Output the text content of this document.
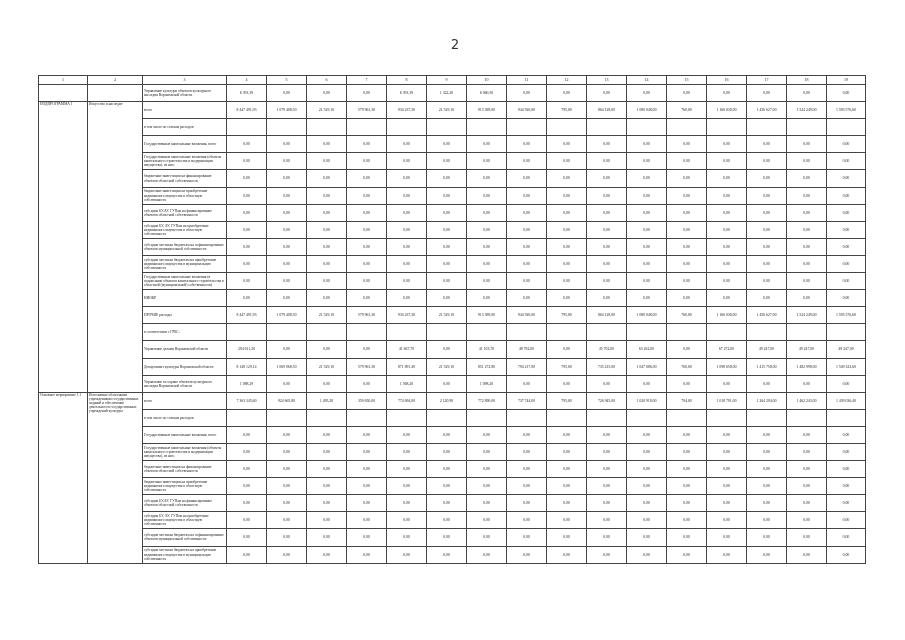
2
1	2	3	4	5	6	7	8	9	10	11	12	13	14	15	16	17	18	19
		Управление культуры объектов культурного наследия Воронежской области	6 391,39	0,00	0,00	0,00	6 391,39	1 322,20	6 060,50	0,00	0,00	0,00	0,00	0,00	0,00	0,00	0,00	0,00
ПОДПРОГРАММА 1	Искусство и наследие	всего	8 447 491,93	1 079 408,50	21 529,10	579 961,30	934 237,30	21 529,10	913 389,00	944 920,00	795,00	864 128,00	1 080 048,00	760,00	1 166 030,00	1 456 627,00	1 524 249,00	1 593 576,60
		в том числе по статьям расходов																
		Государственные капитальные вложения, всего	0,00	0,00	0,00	0,00	0,00	0,00	0,00	0,00	0,00	0,00	0,00	0,00	0,00	0,00	0,00	0,00
		Государственные капитальные вложения (объекты капитального строительства и модернизации имущества), из них:	0,00	0,00	0,00	0,00	0,00	0,00	0,00	0,00	0,00	0,00	0,00	0,00	0,00	0,00	0,00	0,00
		бюджетные инвестиции на финансирование объектов областной собственности	0,00	0,00	0,00	0,00	0,00	0,00	0,00	0,00	0,00	0,00	0,00	0,00	0,00	0,00	0,00	0,00
		бюджетные инвестиции на приобретение недвижимого имущества в областную собственность	0,00	0,00	0,00	0,00	0,00	0,00	0,00	0,00	0,00	0,00	0,00	0,00	0,00	0,00	0,00	0,00
		субсидии БУ,АУ, ГУПам на финансирование объектов областной собственности	0,00	0,00	0,00	0,00	0,00	0,00	0,00	0,00	0,00	0,00	0,00	0,00	0,00	0,00	0,00	0,00
		субсидии БУ, АУ, ГУПам на приобретение недвижимого имущества в областную собственность	0,00	0,00	0,00	0,00	0,00	0,00	0,00	0,00	0,00	0,00	0,00	0,00	0,00	0,00	0,00	0,00
		субсидии местным бюджетам на софинансирование объектов муниципальной собственности	0,00	0,00	0,00	0,00	0,00	0,00	0,00	0,00	0,00	0,00	0,00	0,00	0,00	0,00	0,00	0,00
		субсидии местным бюджетам на приобретение недвижимого имущества в муниципальную собственность	0,00	0,00	0,00	0,00	0,00	0,00	0,00	0,00	0,00	0,00	0,00	0,00	0,00	0,00	0,00	0,00
		Государственные капитальные вложения (в подписании объектов капитального строительства в областной (муниципальной) собственности)	0,00	0,00	0,00	0,00	0,00	0,00	0,00	0,00	0,00	0,00	0,00	0,00	0,00	0,00	0,00	0,00
		НИОКР	0,00	0,00	0,00	0,00	0,00	0,00	0,00	0,00	0,00	0,00	0,00	0,00	0,00	0,00	0,00	0,00
		ПРОЧИЕ расходы	8 447 491,93	1 079 408,50	21 529,10	579 961,30	934 237,30	21 529,10	913 389,00	944 920,00	795,00	864 128,00	1 080 048,00	760,00	1 166 030,00	1 456 627,00	1 524 249,00	1 593 576,60
		в соответствии с ГРБС:																
		Управление делами Воронежской области	294 611,20	0,00	0,00	0,00	41 667,70	0,00	41 103,70	48 792,00	0,00	45 702,00	63 262,00	0,00	67 272,00	49 247,00	49 247,00	49 247,00
		Департамент культуры Воронежской области	8 148 129,14	1 069 068,50	21 529,10	579 961,30	871 891,49	21 529,10	851 272,80	794 217,00	795,00	735 415,00	1 047 086,00	760,00	1 098 658,00	1 415 758,00	1 482 998,00	1 549 323,60
		Управление по охране объектов культурного наследия Воронежской области	1 088,29	0,00	0,00	0,00	1 568,20	0,00	1 098,20	0,00	0,00	0,00	0,00	0,00	0,00	0,00	0,00	0,00
Основное мероприятие 1.1	Исполнение областными учреждениями государственных заданий и обеспечение деятельности государственных учреждений культуры	всего	7 363 345,60	924 665,80	1 495,20	359 650,00	774 694,00	2 120,90	772 890,00	737 744,00	795,00	726 945,00	1 020 918,00	794,00	1 018 791,00	1 264 294,00	1 462 243,00	1 439 036,40
		в том числе по статьям расходов																
		Государственные капитальные вложения, всего	0,00	0,00	0,00	0,00	0,00	0,00	0,00	0,00	0,00	0,00	0,00	0,00	0,00	0,00	0,00	0,00
		Государственные капитальные вложения (объекты капитального строительства и модернизации имущества), из них:	0,00	0,00	0,00	0,00	0,00	0,00	0,00	0,00	0,00	0,00	0,00	0,00	0,00	0,00	0,00	0,00
		бюджетные инвестиции на финансирование объектов областной собственности	0,00	0,00	0,00	0,00	0,00	0,00	0,00	0,00	0,00	0,00	0,00	0,00	0,00	0,00	0,00	0,00
		бюджетные инвестиции на приобретение недвижимого имущества в областную собственность	0,00	0,00	0,00	0,00	0,00	0,00	0,00	0,00	0,00	0,00	0,00	0,00	0,00	0,00	0,00	0,00
		субсидии БУ,АУ, ГУПам на финансирование объектов областной собственности	0,00	0,00	0,00	0,00	0,00	0,00	0,00	0,00	0,00	0,00	0,00	0,00	0,00	0,00	0,00	0,00
		субсидии БУ, АУ, ГУПам на приобретение недвижимого имущества в областную собственность	0,00	0,00	0,00	0,00	0,00	0,00	0,00	0,00	0,00	0,00	0,00	0,00	0,00	0,00	0,00	0,00
		субсидии местным бюджетам на софинансирование объектов муниципальной собственности	0,00	0,00	0,00	0,00	0,00	0,00	0,00	0,00	0,00	0,00	0,00	0,00	0,00	0,00	0,00	0,00
		субсидии местным бюджетам на приобретение недвижимого имущества в муниципальную собственность	0,00	0,00	0,00	0,00	0,00	0,00	0,00	0,00	0,00	0,00	0,00	0,00	0,00	0,00	0,00	0,00
